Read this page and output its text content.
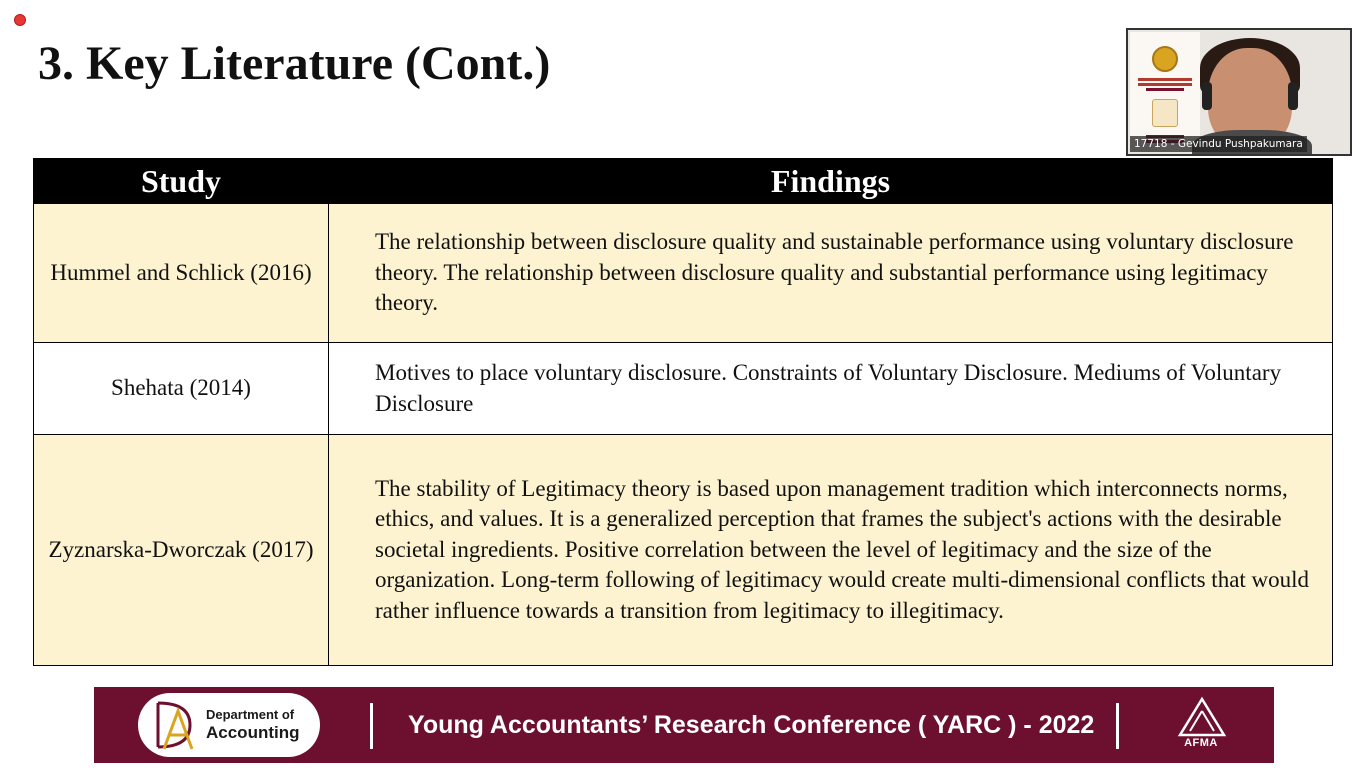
3. Key Literature (Cont.)
Study	Findings
Hummel and Schlick (2016)	The relationship between disclosure quality and sustainable performance using voluntary disclosure theory. The relationship between disclosure quality and substantial performance using legitimacy theory.
Shehata (2014)	Motives to place voluntary disclosure. Constraints of Voluntary Disclosure. Mediums of Voluntary Disclosure
Zyznarska-Dworczak (2017)	The stability of Legitimacy theory is based upon management tradition which interconnects norms, ethics, and values. It is a generalized perception that frames the subject's actions with the desirable societal ingredients. Positive correlation between the level of legitimacy and the size of the organization. Long-term following of legitimacy would create multi-dimensional conflicts that would rather influence towards a transition from legitimacy to illegitimacy.
17718 - Gevindu Pushpakumara
Department of
Accounting	Young Accountants’ Research Conference ( YARC ) - 2022
AFMA
